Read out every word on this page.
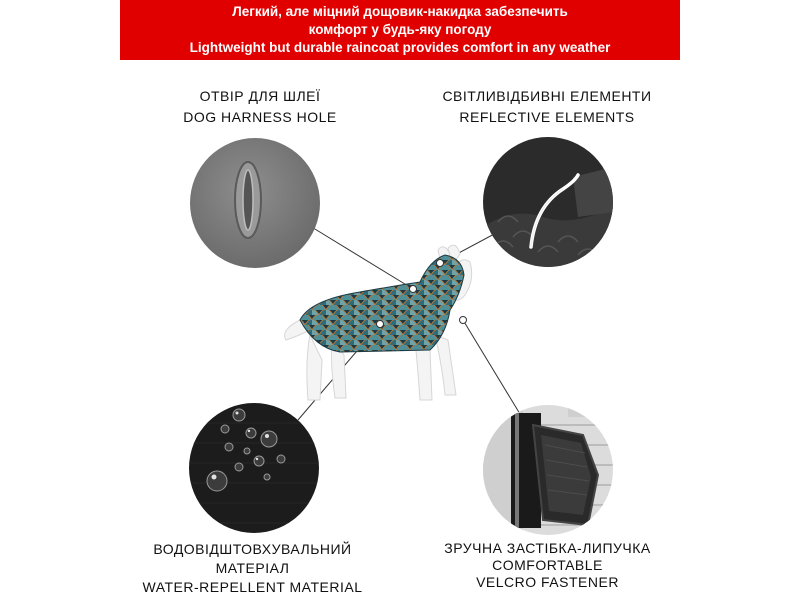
Легкий, але міцний дощовик-накидка забезпечить
комфорт у будь-яку погоду
Lightweight but durable raincoat provides comfort in any weather
ОТВІР ДЛЯ ШЛЕЇ
DOG HARNESS HOLE
СВІТЛИВІДБИВНІ ЕЛЕМЕНТИ
REFLECTIVE ELEMENTS
ВОДОВІДШТОВХУВАЛЬНИЙ
МАТЕРІАЛ
WATER-REPELLENT MATERIAL
ЗРУЧНА ЗАСТІБКА-ЛИПУЧКА
COMFORTABLE
VELCRO FASTENER
